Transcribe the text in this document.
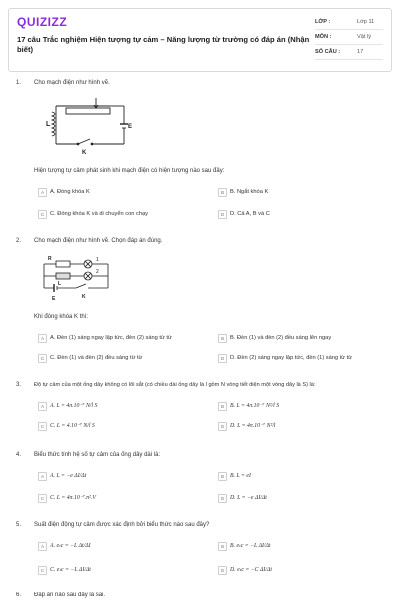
QUIZIZZ
17 câu Trắc nghiệm Hiện tượng tự cảm – Năng lượng từ trường có đáp án (Nhận biết)
LỚP :	Lớp 11
MÔN :	Vật lý
SỐ CÂU :	17
1. Cho mạch điện như hình vẽ.
L
K
E
Hiện tượng tự cảm phát sinh khi mạch điện có hiện tượng nào sau đây:
A	A. Đóng khóa K	B	B. Ngắt khóa K
C	C. Đóng khóa K và di chuyển con chạy	D	D. Cả A, B và C
2. Cho mạch điện như hình vẽ. Chọn đáp án đúng.
R	1
2
L
K
E
Khi đóng khóa K thì:
A	A. Đèn (1) sáng ngay lập tức, đèn (2) sáng từ từ	B	B. Đèn (1) và đèn (2) đều sáng lên ngay
C	C. Đèn (1) và đèn (2) đều sáng từ từ	D	D. Đèn (2) sáng ngay lập tức, đèn (1) sáng từ từ
3. Độ tự cảm của một ống dây không có lõi sắt (có chiều dài ống dây là l gồm N vòng tiết diện một vòng dây là S) là:
A	A. L = 4π.10⁻⁷ N/l S	B	B. L = 4π.10⁻⁷ N²/l S
C	C. L = 4.10⁻⁷ N/l S	D	D. L = 4π.10⁻⁷ N²/l
4. Biểu thức tính hệ số tự cảm của ống dây dài là:
A	A. L = −e ΔI/Δt	B	B. L = eI
C	C. L = 4π.10⁻⁷.n².V	D	D. L = −e ΔI/Δt
5. Suất điện động tự cảm được xác định bởi biểu thức nào sau đây?
A	A. eₜc = −L Δt/ΔI	B	B. eₜc = −L ΔI/Δt
C	C. eₜc = −L ΔI/Δt	D	D. eₜc = −C ΔI/Δt
6. Đáp án nào sau đây là sai.
